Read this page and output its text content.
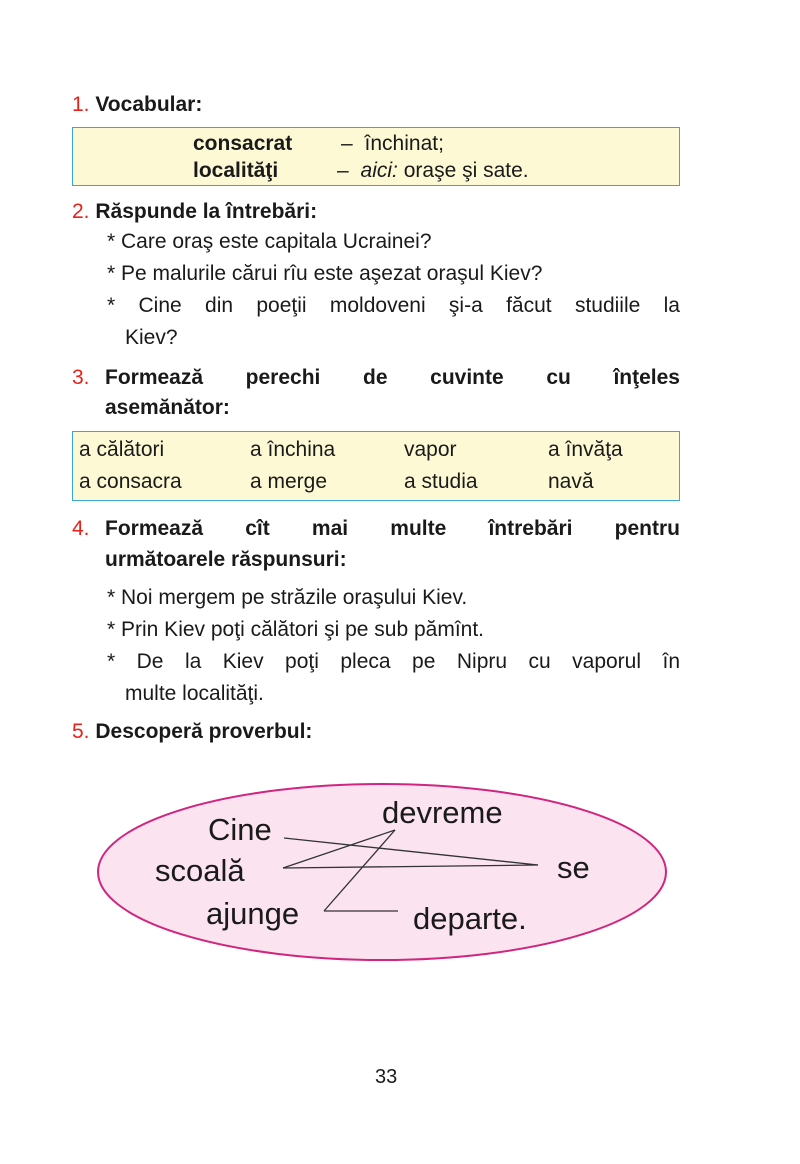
1. Vocabular:
consacrat – închinat;
localităţi	– aici: oraşe şi sate.
2. Răspunde la întrebări:
* Care oraş este capitala Ucrainei?
* Pe malurile cărui rîu este aşezat oraşul Kiev?
* Cine din poeţii moldoveni şi-a făcut studiile la
Kiev?
3. Formează perechi de cuvinte cu înţeles
asemănător:
a călători	a închina	vapor	a învăţa
a consacra	a merge	a studia	navă
4. Formează cît mai multe întrebări pentru
următoarele răspunsuri:
* Noi mergem pe străzile oraşului Kiev.
* Prin Kiev poţi călători şi pe sub pămînt.
* De la Kiev poţi pleca pe Nipru cu vaporul în
multe localităţi.
5. Descoperă proverbul:
Cine	devreme
scoală	se
ajunge	departe.
33
